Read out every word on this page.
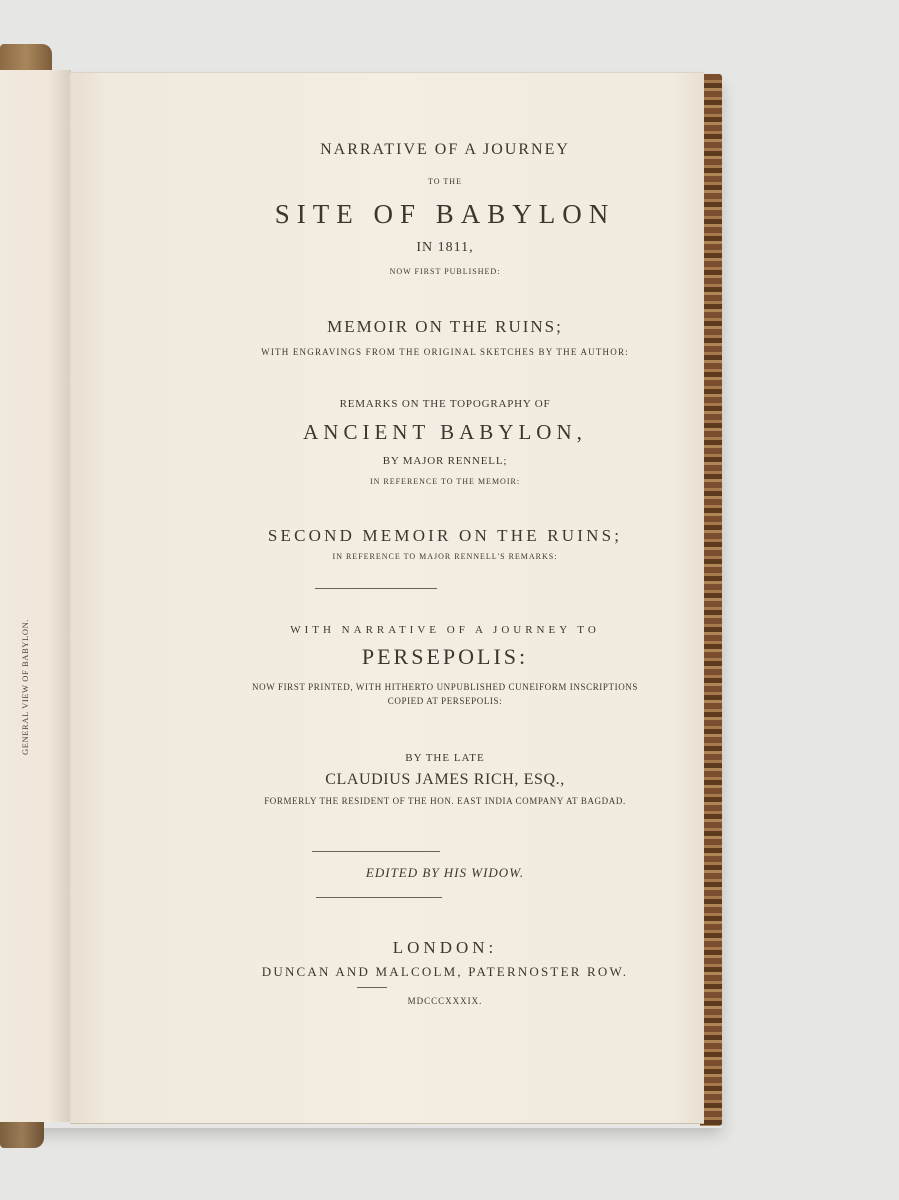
GENERAL VIEW OF BABYLON.
NARRATIVE OF A JOURNEY
TO THE
SITE OF BABYLON
IN 1811,
NOW FIRST PUBLISHED:
MEMOIR ON THE RUINS;
WITH ENGRAVINGS FROM THE ORIGINAL SKETCHES BY THE AUTHOR:
REMARKS ON THE TOPOGRAPHY OF
ANCIENT BABYLON,
BY MAJOR RENNELL;
IN REFERENCE TO THE MEMOIR:
SECOND MEMOIR ON THE RUINS;
IN REFERENCE TO MAJOR RENNELL'S REMARKS:
WITH NARRATIVE OF A JOURNEY TO
PERSEPOLIS:
NOW FIRST PRINTED, WITH HITHERTO UNPUBLISHED CUNEIFORM INSCRIPTIONS
COPIED AT PERSEPOLIS:
BY THE LATE
CLAUDIUS JAMES RICH, ESQ.,
FORMERLY THE RESIDENT OF THE HON. EAST INDIA COMPANY AT BAGDAD.
EDITED BY HIS WIDOW.
LONDON:
DUNCAN AND MALCOLM, PATERNOSTER ROW.
MDCCCXXXIX.
